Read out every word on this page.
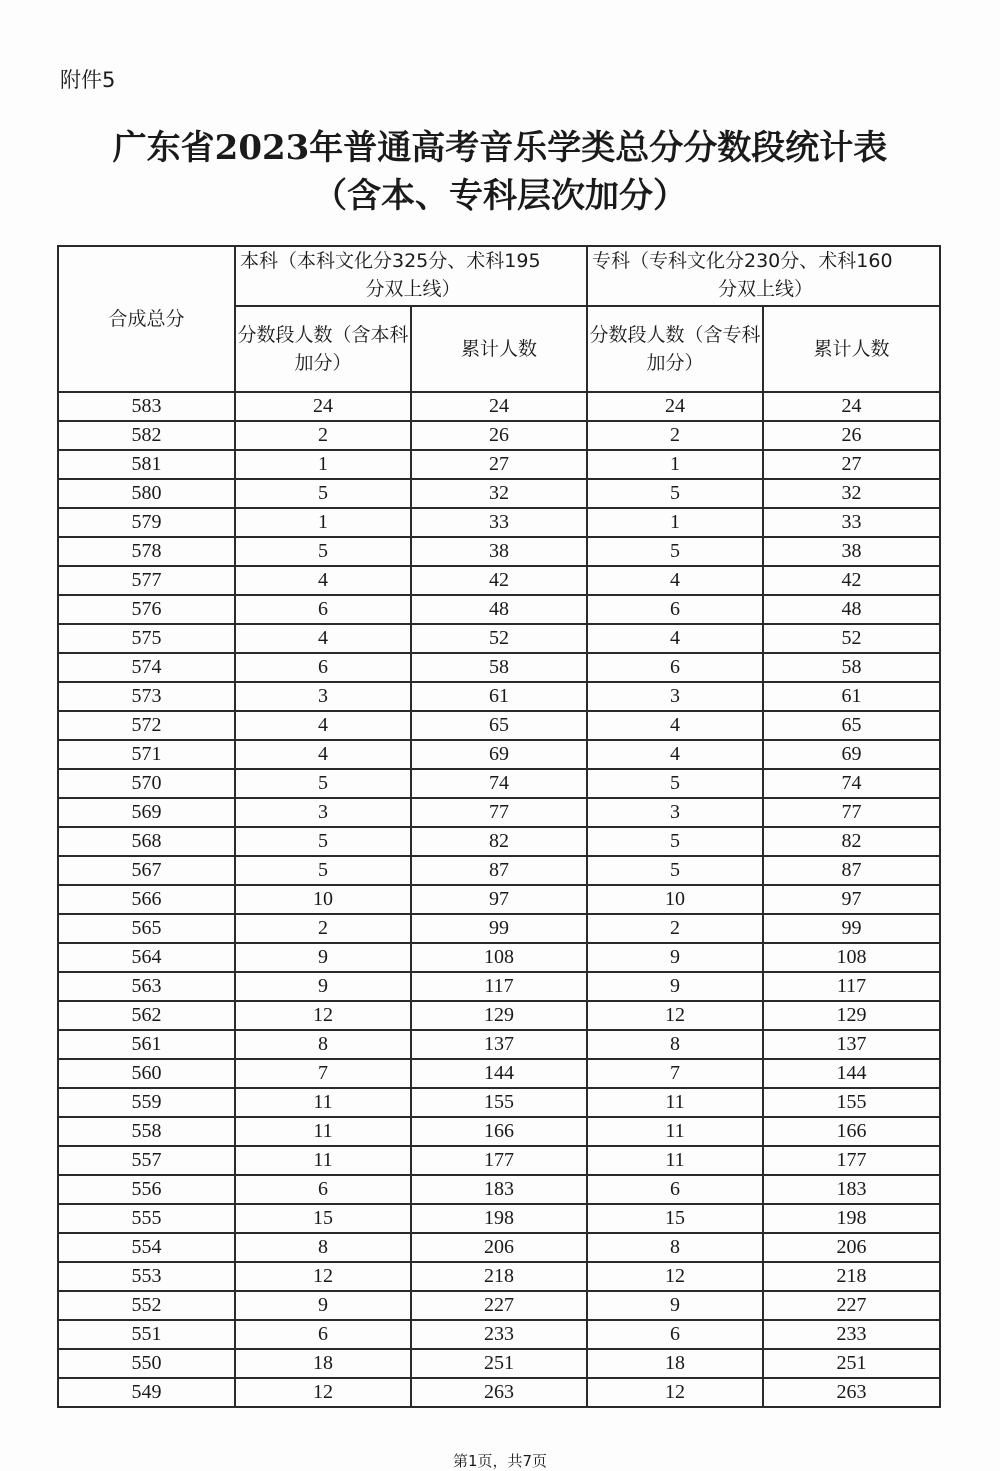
附件5
广东省2023年普通高考音乐学类总分分数段统计表
（含本、专科层次加分）
合成总分	本科（本科文化分325分、术科195
分双上线）		专科（专科文化分230分、术科160
分双上线）	

	分数段人数（含本科加分）	累计人数	分数段人数（含专科加分）	累计人数
583	24	24	24	24
582	2	26	2	26
581	1	27	1	27
580	5	32	5	32
579	1	33	1	33
578	5	38	5	38
577	4	42	4	42
576	6	48	6	48
575	4	52	4	52
574	6	58	6	58
573	3	61	3	61
572	4	65	4	65
571	4	69	4	69
570	5	74	5	74
569	3	77	3	77
568	5	82	5	82
567	5	87	5	87
566	10	97	10	97
565	2	99	2	99
564	9	108	9	108
563	9	117	9	117
562	12	129	12	129
561	8	137	8	137
560	7	144	7	144
559	11	155	11	155
558	11	166	11	166
557	11	177	11	177
556	6	183	6	183
555	15	198	15	198
554	8	206	8	206
553	12	218	12	218
552	9	227	9	227
551	6	233	6	233
550	18	251	18	251
549	12	263	12	263
第1页，共7页
